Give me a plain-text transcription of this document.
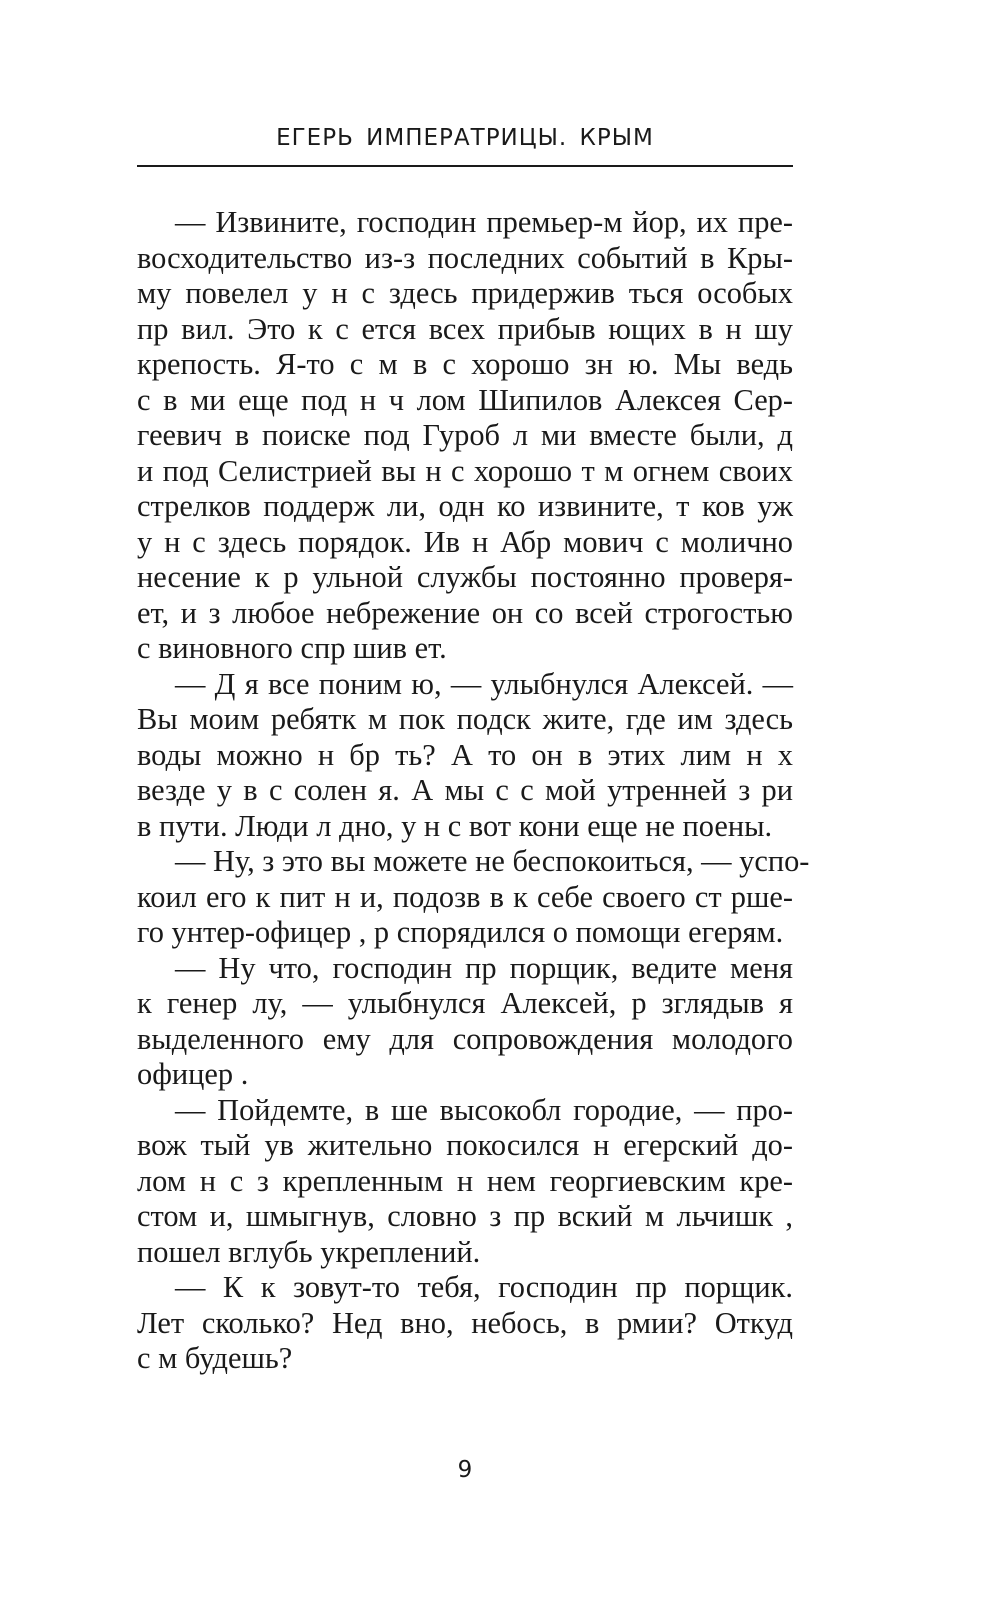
ЕГЕРЬ ИМПЕРАТРИЦЫ. КРЫМ
— Извините, господин премьер-м йор, их пре-
восходительство из-з последних событий в Кры-
му повелел у н с здесь придержив ться особых
пр вил. Это к с ется всех прибыв ющих в н шу
крепость. Я-то с м в с хорошо зн ю. Мы ведь
с в ми еще под н ч лом Шипилов Алексея Сер-
геевич в поиске под Гуроб л ми вместе были, д
и под Селистрией вы н с хорошо т м огнем своих
стрелков поддерж ли, одн ко извините, т ков уж
у н с здесь порядок. Ив н Абр мович с молично
несение к р ульной службы постоянно проверя-
ет, и з любое небрежение он со всей строгостью
с виновного спр шив ет.
— Д я все поним ю, — улыбнулся Алексей. —
Вы моим ребятк м пок подск жите, где им здесь
воды можно н бр ть? А то он в этих лим н х
везде у в с солен я. А мы с с мой утренней з ри
в пути. Люди л дно, у н с вот кони еще не поены.
— Ну, з это вы можете не беспокоиться, — успо-
коил его к пит н и, подозв в к себе своего ст рше-
го унтер-офицер , р спорядился о помощи егерям.
— Ну что, господин пр порщик, ведите меня
к генер лу, — улыбнулся Алексей, р зглядыв я
выделенного ему для сопровождения молодого
офицер .
— Пойдемте, в ше высокобл городие, — про-
вож тый ув жительно покосился н егерский до-
лом н с з крепленным н нем георгиевским кре-
стом и, шмыгнув, словно з пр вский м льчишк ,
пошел вглубь укреплений.
— К к зовут-то тебя, господин пр порщик.
Лет сколько? Нед вно, небось, в рмии? Откуд
с м будешь?
9
